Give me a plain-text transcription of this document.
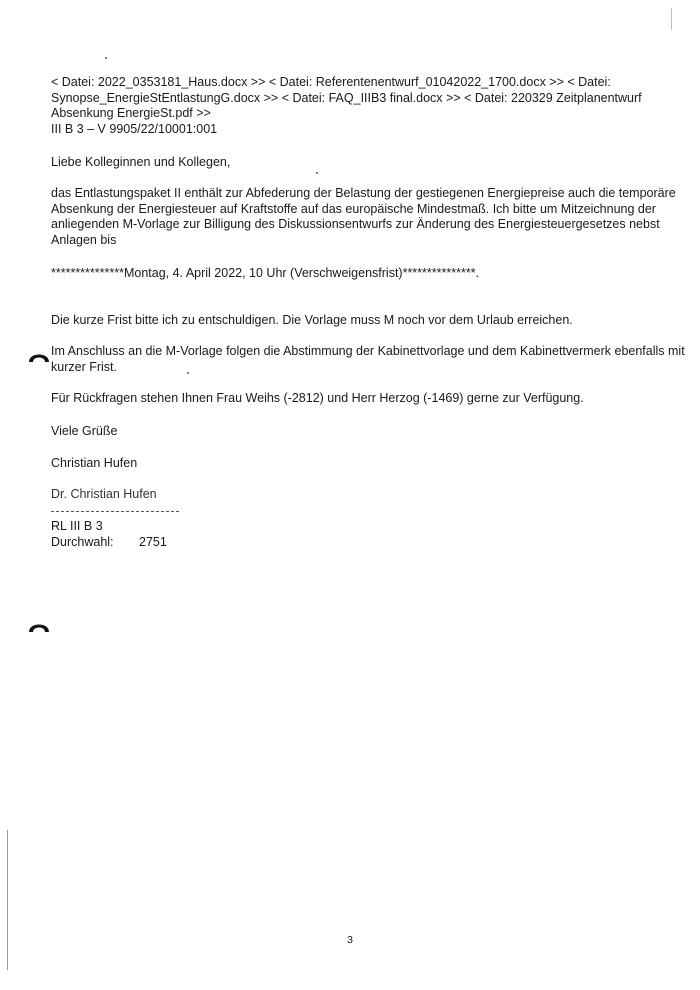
< Datei: 2022_0353181_Haus.docx >> < Datei: Referentenentwurf_01042022_1700.docx >> < Datei:
Synopse_EnergieStEntlastungG.docx >> < Datei: FAQ_IIIB3 final.docx >> < Datei: 220329 Zeitplanentwurf
Absenkung EnergieSt.pdf >>
III B 3 – V 9905/22/10001:001

Liebe Kolleginnen und Kollegen,

das Entlastungspaket II enthält zur Abfederung der Belastung der gestiegenen Energiepreise auch die temporäre
Absenkung der Energiesteuer auf Kraftstoffe auf das europäische Mindestmaß. Ich bitte um Mitzeichnung der
anliegenden M-Vorlage zur Billigung des Diskussionsentwurfs zur Änderung des Energiesteuergesetzes nebst
Anlagen bis

***************Montag, 4. April 2022, 10 Uhr (Verschweigensfrist)***************.

Die kurze Frist bitte ich zu entschuldigen. Die Vorlage muss M noch vor dem Urlaub erreichen.

Im Anschluss an die M-Vorlage folgen die Abstimmung der Kabinettvorlage und dem Kabinettvermerk ebenfalls mit
kurzer Frist.

Für Rückfragen stehen Ihnen Frau Weihs (-2812) und Herr Herzog (-1469) gerne zur Verfügung.

Viele Grüße

Christian Hufen

Dr. Christian Hufen

RL III B 3
Durchwahl:	2751
3
